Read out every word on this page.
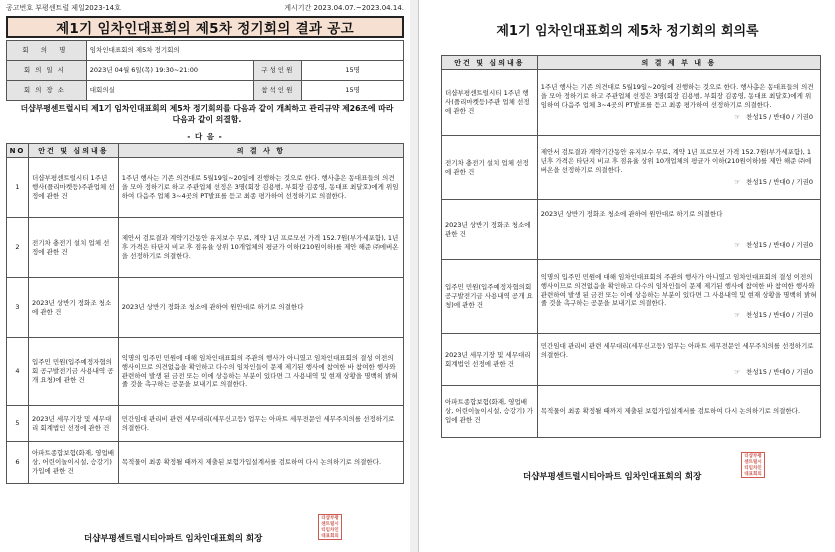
공고번호 부평센트럴 제일2023-14호	게시기간 2023.04.07.~2023.04.14.
제1기 임차인대표회의 제5차 정기회의 결과 공고
회 의 명	임차인대표회의 제5차 정기회의		
회의일시	2023년 04월 6일(목) 19:30~21:00	구성인원	15명
회의장소	대회의실	참석인원	15명
더샵부평센트럴시티 제1기 임차인대표회의 제5차 정기회의를 다음과 같이 개최하고 관리규약 제26조에 따라 다음과 같이 의결함.
- 다 음 -
NO	안건 및 심의내용	의 결 사 항
1	더샵부평센트럴시티 1주년 행사(플리마켓등)주관업체 선정에 관한 건	1주년 행사는 기존 의견대로 5월19일~20일에 진행하는 것으로 한다. 행사총은 동대표들의 의견을 모아 정하기로 하고 주관업체 선정은 3명(회장 김용범, 부회장 김종영, 동대표 최달호)에게 위임하여 다음주 업체 3~4곳의 PT발표를 듣고 최종 평가하여 선정하기로 의결한다.
2	전기차 충전기 설치 업체 선정에 관한 건	제안서 검토결과 계약기간동안 유지보수 무료, 계약 1년 프로모션 가격 152.7원(부가세포함), 1년후 가격은 타단지 비교 후 점유율 상위 10개업체의 평균가 이하(210원이하)를 제안 해준 ㈜에버온을 선정하기로 의결한다.
3	2023년 상반기 정화조 청소에 관한 건	2023년 상반기 정화조 청소에 관하여 원안대로 하기로 의결한다
4	입주민 민원(입주예정자협의회 공구발전기금 사용내역 공개 요청)에 관한 건	익명의 입주민 민원에 대해 임차인대표회의 주관의 행사가 아니였고 임차인대표회의 결성 이전의 행사이므로 의견없음을 확인하고 다수의 임차인들이 문제 제기된 행사에 참여한 바 참여한 행사와 관련하여 발생 된 금전 또는 이에 상응하는 부분이 있다면 그 사용내역 및 현재 상황을 명백히 밝혀줄 것을 촉구하는 공문을 보내기로 의결한다.
5	2023년 세무기장 및 세무대리 회계법인 선정에 관한 건	민간임대 관리비 관련 세무대리(세무신고등) 업무는 아파트 세무전문인 세무주치의를 선정하기로 의결한다.
6	아파트종합보험(화재, 영업배상, 어린이놀이시설, 승강기) 가입에 관한 건	목적물이 최종 확정될 때까지 제출된 보험가입설계서를 검토하여 다시 논의하기로 의결한다.
더샵부평센트럴시티아파트 임차인대표회의 회장
더샵부평
센트럴시
티임차인
대표회의
제1기 임차인대표회의 제5차 정기회의 회의록
안건 및 심의내용	의 결 세 부 내 용
더샵부평센트럴시티 1주년 행사(플리마켓등)주관 업체 선정에 관한 건	1주년 행사는 기존 의견대로 5월19일~20일에 진행하는 것으로 한다. 행사총은 동대표들의 의견을 모아 정하기로 하고 주관업체 선정은 3명(회장 김용범, 부회장 김종영, 동대표 최달호)에게 위임하여 다음주 업체 3~4곳의 PT발표를 듣고 최종 평가하여 선정하기로 의결한다.
☞ 찬성15 / 반대0 / 기권0

전기차 충전기 설치 업체 선정에 관한 건	제안서 검토결과 계약기간동안 유지보수 무료, 계약 1년 프로모션 가격 152.7원(부가세포함), 1년후 가격은 타단지 비교 후 점유율 상위 10개업체의 평균가 이하(210원이하)를 제안 해준 ㈜에버온을 선정하기로 의결한다.
☞ 찬성15 / 반대0 / 기권0

2023년 상반기 정화조 청소에 관한 건	2023년 상반기 정화조 청소에 관하여 원안대로 하기로 의결한다
☞ 찬성15 / 반대0 / 기권0

입주민 민원(입주예정자협의회 공구발전기금 사용내역 공개 요청)에 관한 건	익명의 입주민 민원에 대해 임차인대표회의 주관의 행사가 아니였고 임차인대표회의 결성 이전의 행사이므로 의견없음을 확인하고 다수의 임차인들이 문제 제기된 행사에 참여한 바 참여한 행사와 관련하여 발생 된 금전 또는 이에 상응하는 부분이 있다면 그 사용내역 및 현재 상황을 명백히 밝혀줄 것을 촉구하는 공문을 보내기로 의결한다.
☞ 찬성15 / 반대0 / 기권0

2023년 세무기장 및 세무대리 회계법인 선정에 관한 건	민간임대 관리비 관련 세무대리(세무신고등) 업무는 아파트 세무전문인 세무주치의를 선정하기로 의결한다.
☞ 찬성15 / 반대0 / 기권0

아파트종합보험(화재, 영업배상, 어린이놀이시설, 승강기) 가입에 관한 건	목적물이 최종 확정될 때까지 제출된 보험가입설계서를 검토하여 다시 논의하기로 의결한다.
더샵부평센트럴시티아파트 임차인대표회의 회장
더샵부평
센트럴시
티임차인
대표회의
